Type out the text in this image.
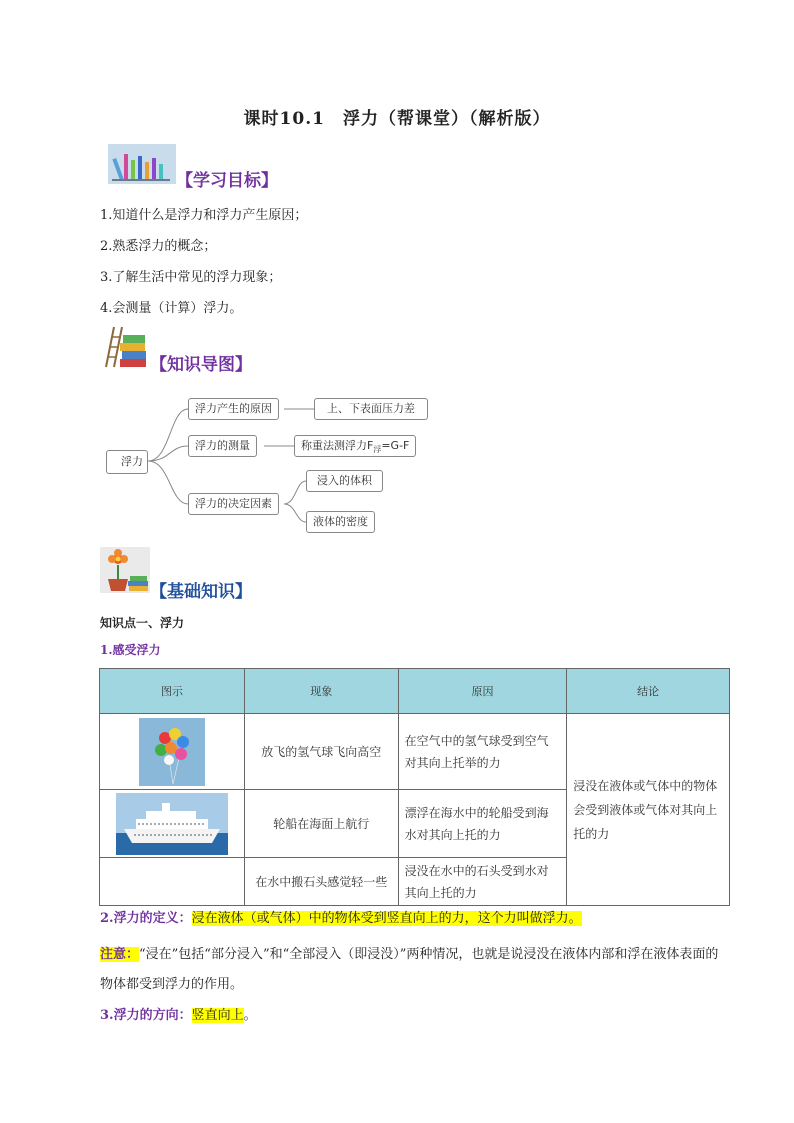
课时10.1　浮力（帮课堂）（解析版）
【学习目标】
1.知道什么是浮力和浮力产生原因；
2.熟悉浮力的概念；
3.了解生活中常见的浮力现象；
4.会测量（计算）浮力。
【知识导图】
浮力
浮力产生的原因	上、下表面压力差
浮力的测量	称重法测浮力$F_浮=G-F$
浮力的决定因素
浸入的体积
液体的密度
【基础知识】
知识点一、浮力
1.感受浮力
图示	现象	原因	结论

	放飞的氢气球飞向高空	在空气中的氢气球受到空气对其向上托举的力	浸没在液体或气体中的物体会受到液体或气体对其向上托的力

	轮船在海面上航行	漂浮在海水中的轮船受到海水对其向上托的力	
	在水中搬石头感觉轻一些	浸没在水中的石头受到水对其向上托的力	
2.浮力的定义：浸在液体（或气体）中的物体受到竖直向上的力，这个力叫做浮力。
注意：“浸在”包括“部分浸入”和“全部浸入（即浸没）”两种情况，也就是说浸没在液体内部和浮在液体表面的物体都受到浮力的作用。
3.浮力的方向：竖直向上。
